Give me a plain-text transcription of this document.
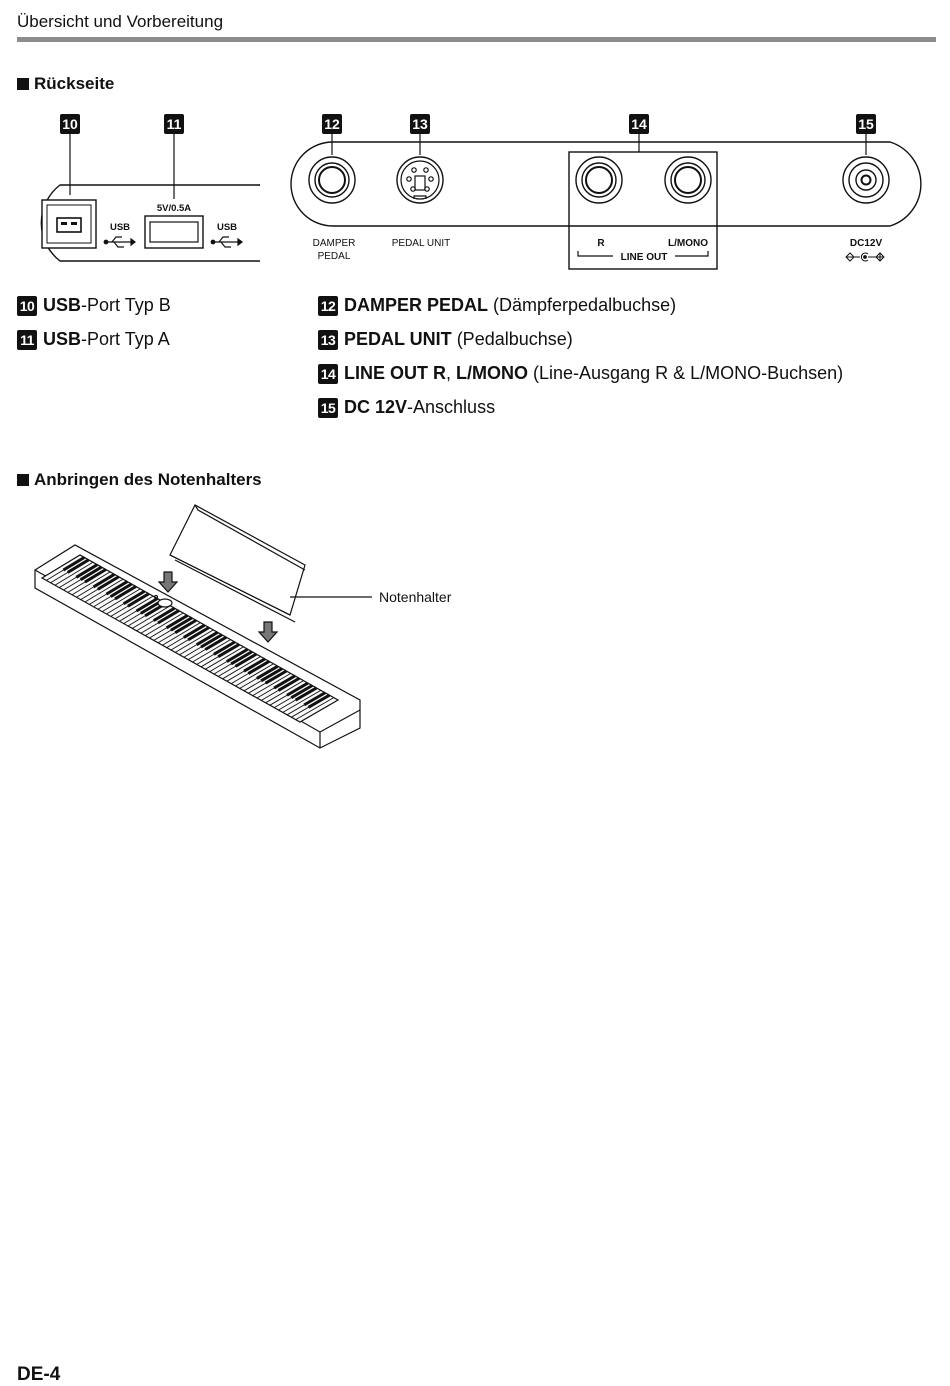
Übersicht und Vorbereitung
Rückseite
10	11	12	13	14	15
USB
5V/0.5A
USB
DAMPER
PEDAL
PEDAL UNIT	R	L/MONO
LINE OUT
DC12V
10 USB -Port Typ B
11 USB -Port Typ A
12 DAMPER PEDAL (Dämpferpedalbuchse)
13 PEDAL UNIT (Pedalbuchse)
14 LINE OUT R , L/MONO (Line-Ausgang R & L/MONO-Buchsen)
15 DC 12V -Anschluss
Anbringen des Notenhalters
Notenhalter
DE-4
